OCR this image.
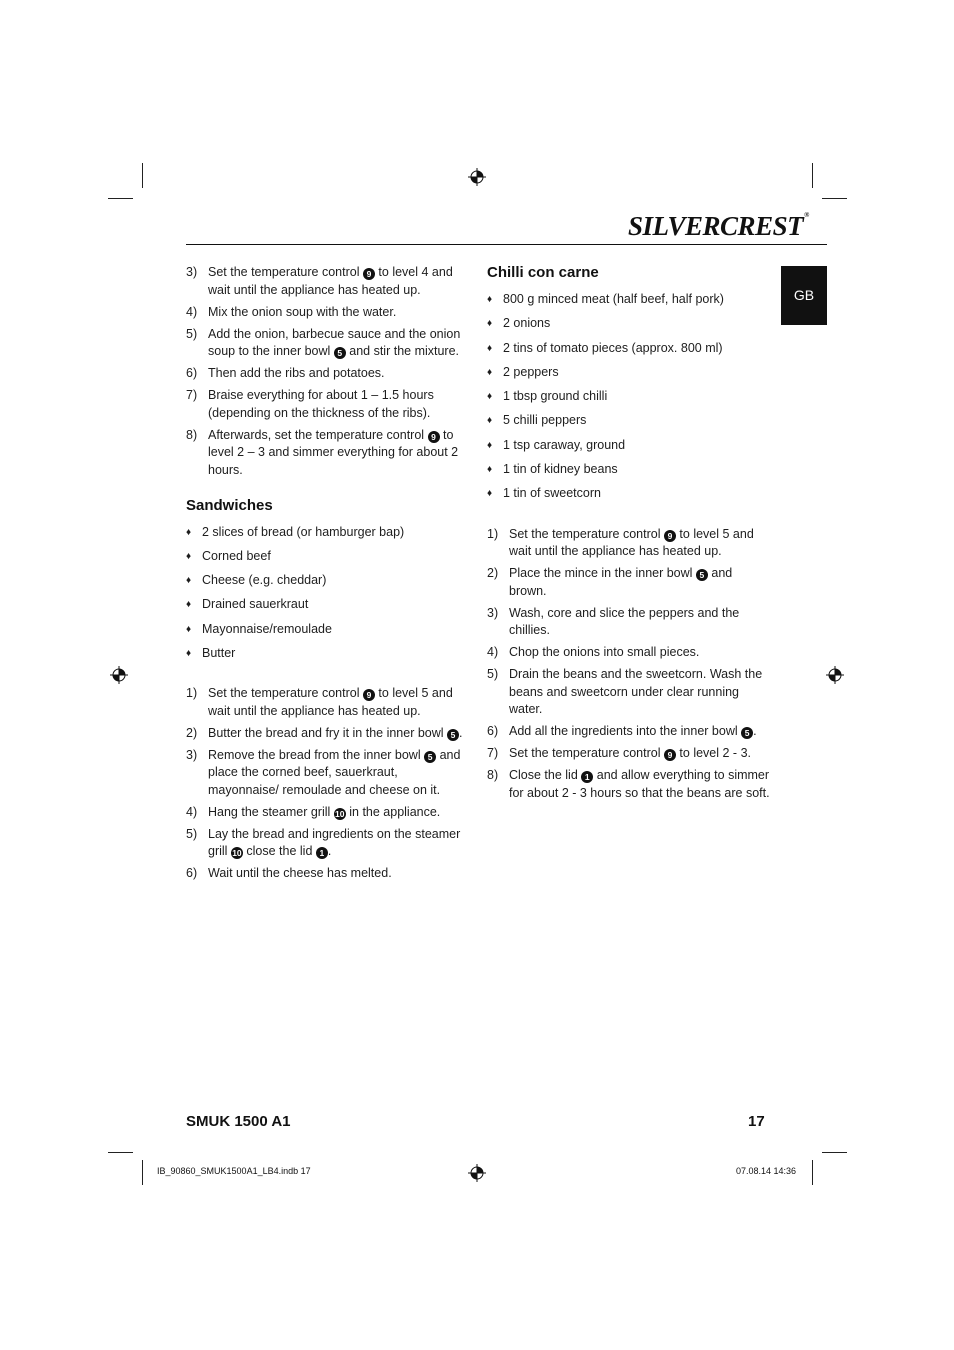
SILVERCREST®
GB
3) Set the temperature control 9 to level 4 and wait until the appliance has heated up.
4) Mix the onion soup with the water.
5) Add the onion, barbecue sauce and the onion soup to the inner bowl 5 and stir the mixture.
6) Then add the ribs and potatoes.
7) Braise everything for about 1 – 1.5 hours (depending on the thickness of the ribs).
8) Afterwards, set the temperature control 9 to level 2 – 3 and simmer everything for about 2 hours.
Sandwiches
♦ 2 slices of bread (or hamburger bap)
♦ Corned beef
♦ Cheese (e.g. cheddar)
♦ Drained sauerkraut
♦ Mayonnaise/remoulade
♦ Butter
1) Set the temperature control 9 to level 5 and wait until the appliance has heated up.
2) Butter the bread and fry it in the inner bowl 5 .
3) Remove the bread from the inner bowl 5 and place the corned beef, sauerkraut, mayonnaise/ remoulade and cheese on it.
4) Hang the steamer grill 10 in the appliance.
5) Lay the bread and ingredients on the steamer grill 10 close the lid 1 .
6) Wait until the cheese has melted.
Chilli con carne
♦ 800 g minced meat (half beef, half pork)
♦ 2 onions
♦ 2 tins of tomato pieces (approx. 800 ml)
♦ 2 peppers
♦ 1 tbsp ground chilli
♦ 5 chilli peppers
♦ 1 tsp caraway, ground
♦ 1 tin of kidney beans
♦ 1 tin of sweetcorn
1) Set the temperature control 9 to level 5 and wait until the appliance has heated up.
2) Place the mince in the inner bowl 5 and brown.
3) Wash, core and slice the peppers and the chillies.
4) Chop the onions into small pieces.
5) Drain the beans and the sweetcorn. Wash the beans and sweetcorn under clear running water.
6) Add all the ingredients into the inner bowl 5 .
7) Set the temperature control 9 to level 2 - 3.
8) Close the lid 1 and allow everything to simmer for about 2 - 3 hours so that the beans are soft.
SMUK 1500 A1	17
IB_90860_SMUK1500A1_LB4.indb 17	07.08.14 14:36
